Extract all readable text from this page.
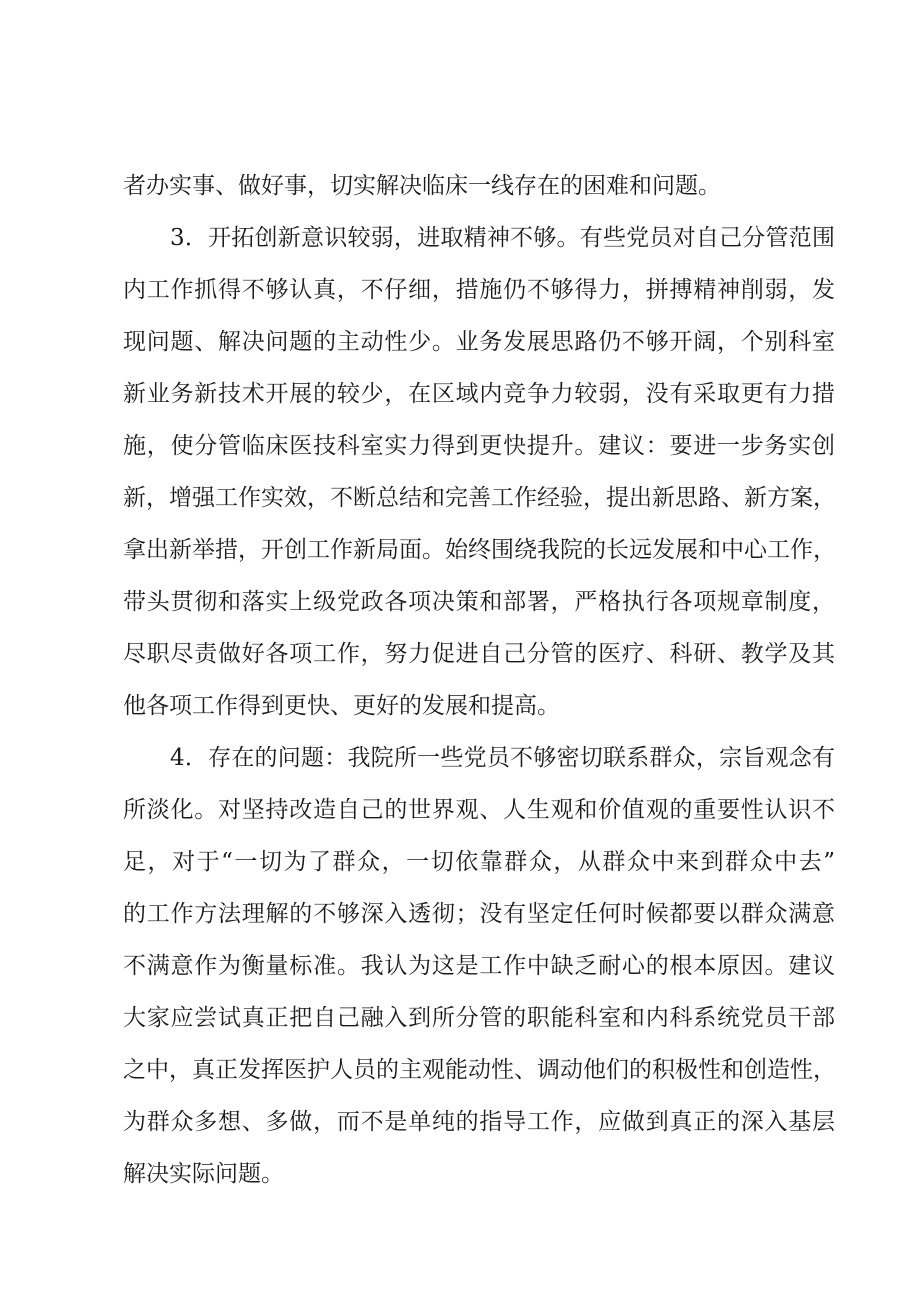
者办实事、做好事，切实解决临床一线存在的困难和问题。
3．开拓创新意识较弱，进取精神不够。有些党员对自己分管范围
内工作抓得不够认真，不仔细，措施仍不够得力，拼搏精神削弱，发
现问题、解决问题的主动性少。业务发展思路仍不够开阔，个别科室
新业务新技术开展的较少，在区域内竞争力较弱，没有采取更有力措
施，使分管临床医技科室实力得到更快提升。建议：要进一步务实创
新，增强工作实效，不断总结和完善工作经验，提出新思路、新方案，
拿出新举措，开创工作新局面。始终围绕我院的长远发展和中心工作，
带头贯彻和落实上级党政各项决策和部署，严格执行各项规章制度，
尽职尽责做好各项工作，努力促进自己分管的医疗、科研、教学及其
他各项工作得到更快、更好的发展和提高。
4．存在的问题：我院所一些党员不够密切联系群众，宗旨观念有
所淡化。对坚持改造自己的世界观、人生观和价值观的重要性认识不
足，对于“一切为了群众，一切依靠群众，从群众中来到群众中去”
的工作方法理解的不够深入透彻；没有坚定任何时候都要以群众满意
不满意作为衡量标准。我认为这是工作中缺乏耐心的根本原因。建议
大家应尝试真正把自己融入到所分管的职能科室和内科系统党员干部
之中，真正发挥医护人员的主观能动性、调动他们的积极性和创造性，
为群众多想、多做，而不是单纯的指导工作，应做到真正的深入基层
解决实际问题。
